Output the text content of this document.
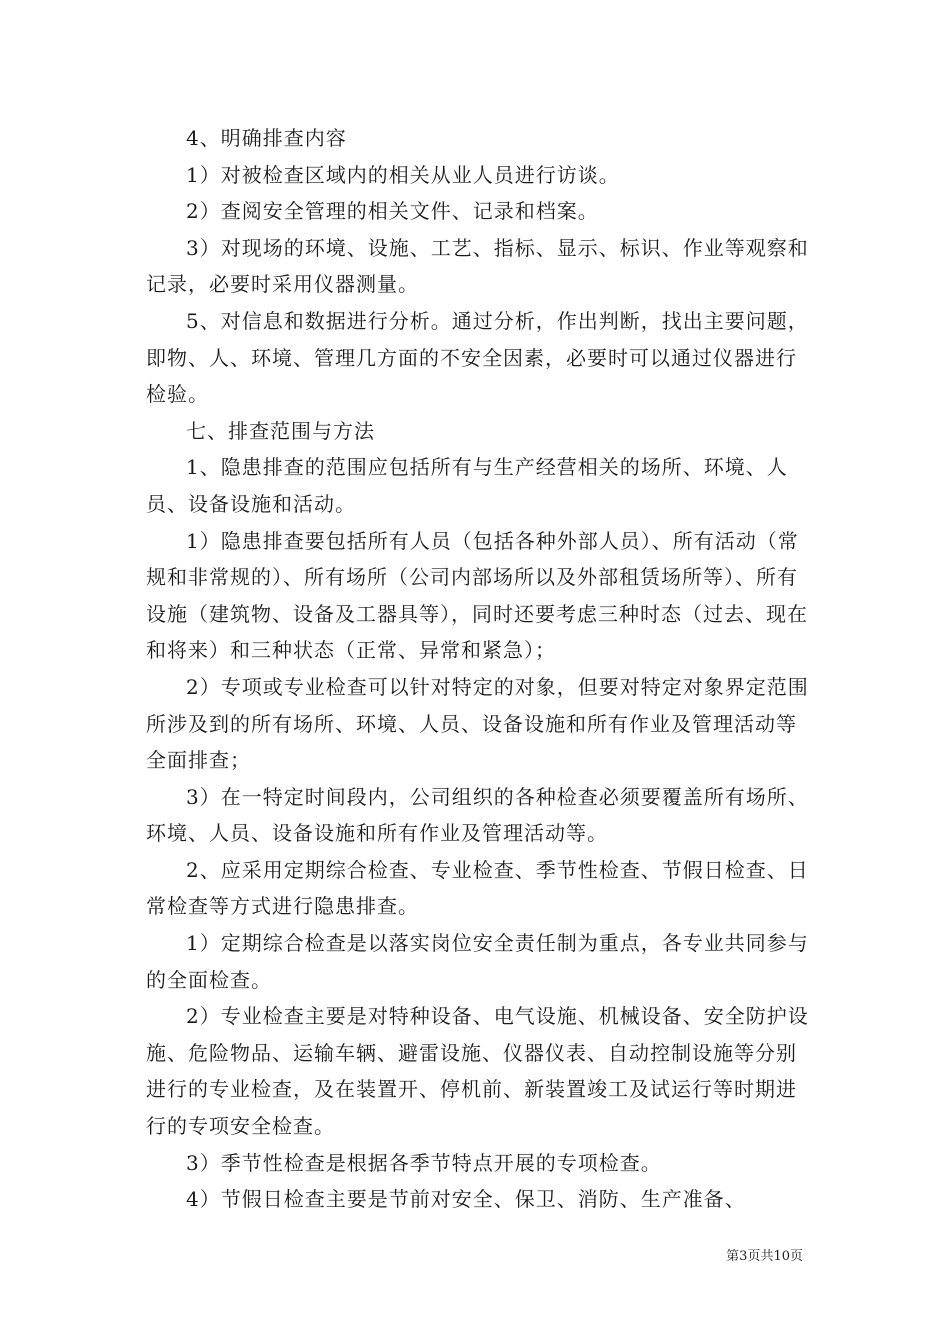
4、明确排查内容

1）对被检查区域内的相关从业人员进行访谈。

2）查阅安全管理的相关文件、记录和档案。

3）对现场的环境、设施、工艺、指标、显示、标识、作业等观察和记录，必要时采用仪器测量。

5、对信息和数据进行分析。通过分析，作出判断，找出主要问题，即物、人、环境、管理几方面的不安全因素，必要时可以通过仪器进行检验。

七、排查范围与方法

1、隐患排查的范围应包括所有与生产经营相关的场所、环境、人员、设备设施和活动。

1）隐患排查要包括所有人员（包括各种外部人员）、所有活动（常规和非常规的）、所有场所（公司内部场所以及外部租赁场所等）、所有设施（建筑物、设备及工器具等），同时还要考虑三种时态（过去、现在和将来）和三种状态（正常、异常和紧急）；

2）专项或专业检查可以针对特定的对象，但要对特定对象界定范围所涉及到的所有场所、环境、人员、设备设施和所有作业及管理活动等全面排查；

3）在一特定时间段内，公司组织的各种检查必须要覆盖所有场所、环境、人员、设备设施和所有作业及管理活动等。

2、应采用定期综合检查、专业检查、季节性检查、节假日检查、日常检查等方式进行隐患排查。

1）定期综合检查是以落实岗位安全责任制为重点，各专业共同参与的全面检查。

2）专业检查主要是对特种设备、电气设施、机械设备、安全防护设施、危险物品、运输车辆、避雷设施、仪器仪表、自动控制设施等分别进行的专业检查，及在装置开、停机前、新装置竣工及试运行等时期进行的专项安全检查。

3）季节性检查是根据各季节特点开展的专项检查。

4）节假日检查主要是节前对安全、保卫、消防、生产准备、

第3页共10页
